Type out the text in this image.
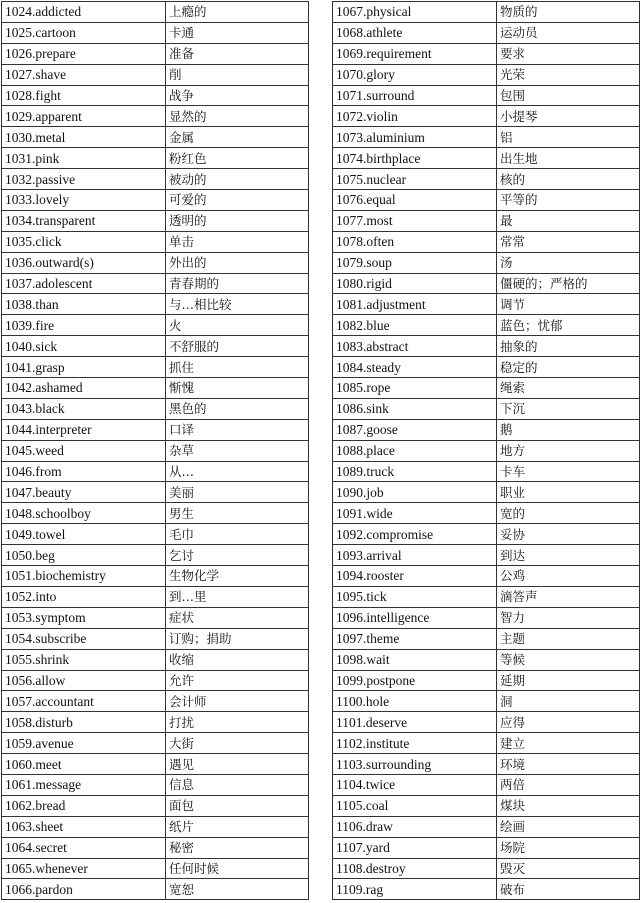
1024.addicted	上瘾的
1025.cartoon	卡通
1026.prepare	准备
1027.shave	削
1028.fight	战争
1029.apparent	显然的
1030.metal	金属
1031.pink	粉红色
1032.passive	被动的
1033.lovely	可爱的
1034.transparent	透明的
1035.click	单击
1036.outward(s)	外出的
1037.adolescent	青春期的
1038.than	与…相比较
1039.fire	火
1040.sick	不舒服的
1041.grasp	抓住
1042.ashamed	惭愧
1043.black	黑色的
1044.interpreter	口译
1045.weed	杂草
1046.from	从…
1047.beauty	美丽
1048.schoolboy	男生
1049.towel	毛巾
1050.beg	乞讨
1051.biochemistry	生物化学
1052.into	到…里
1053.symptom	症状
1054.subscribe	订购；捐助
1055.shrink	收缩
1056.allow	允许
1057.accountant	会计师
1058.disturb	打扰
1059.avenue	大街
1060.meet	遇见
1061.message	信息
1062.bread	面包
1063.sheet	纸片
1064.secret	秘密
1065.whenever	任何时候
1066.pardon	宽恕
1067.physical	物质的
1068.athlete	运动员
1069.requirement	要求
1070.glory	光荣
1071.surround	包围
1072.violin	小提琴
1073.aluminium	铝
1074.birthplace	出生地
1075.nuclear	核的
1076.equal	平等的
1077.most	最
1078.often	常常
1079.soup	汤
1080.rigid	僵硬的；严格的
1081.adjustment	调节
1082.blue	蓝色；忧郁
1083.abstract	抽象的
1084.steady	稳定的
1085.rope	绳索
1086.sink	下沉
1087.goose	鹅
1088.place	地方
1089.truck	卡车
1090.job	职业
1091.wide	宽的
1092.compromise	妥协
1093.arrival	到达
1094.rooster	公鸡
1095.tick	滴答声
1096.intelligence	智力
1097.theme	主题
1098.wait	等候
1099.postpone	延期
1100.hole	洞
1101.deserve	应得
1102.institute	建立
1103.surrounding	环境
1104.twice	两倍
1105.coal	煤块
1106.draw	绘画
1107.yard	场院
1108.destroy	毁灭
1109.rag	破布
